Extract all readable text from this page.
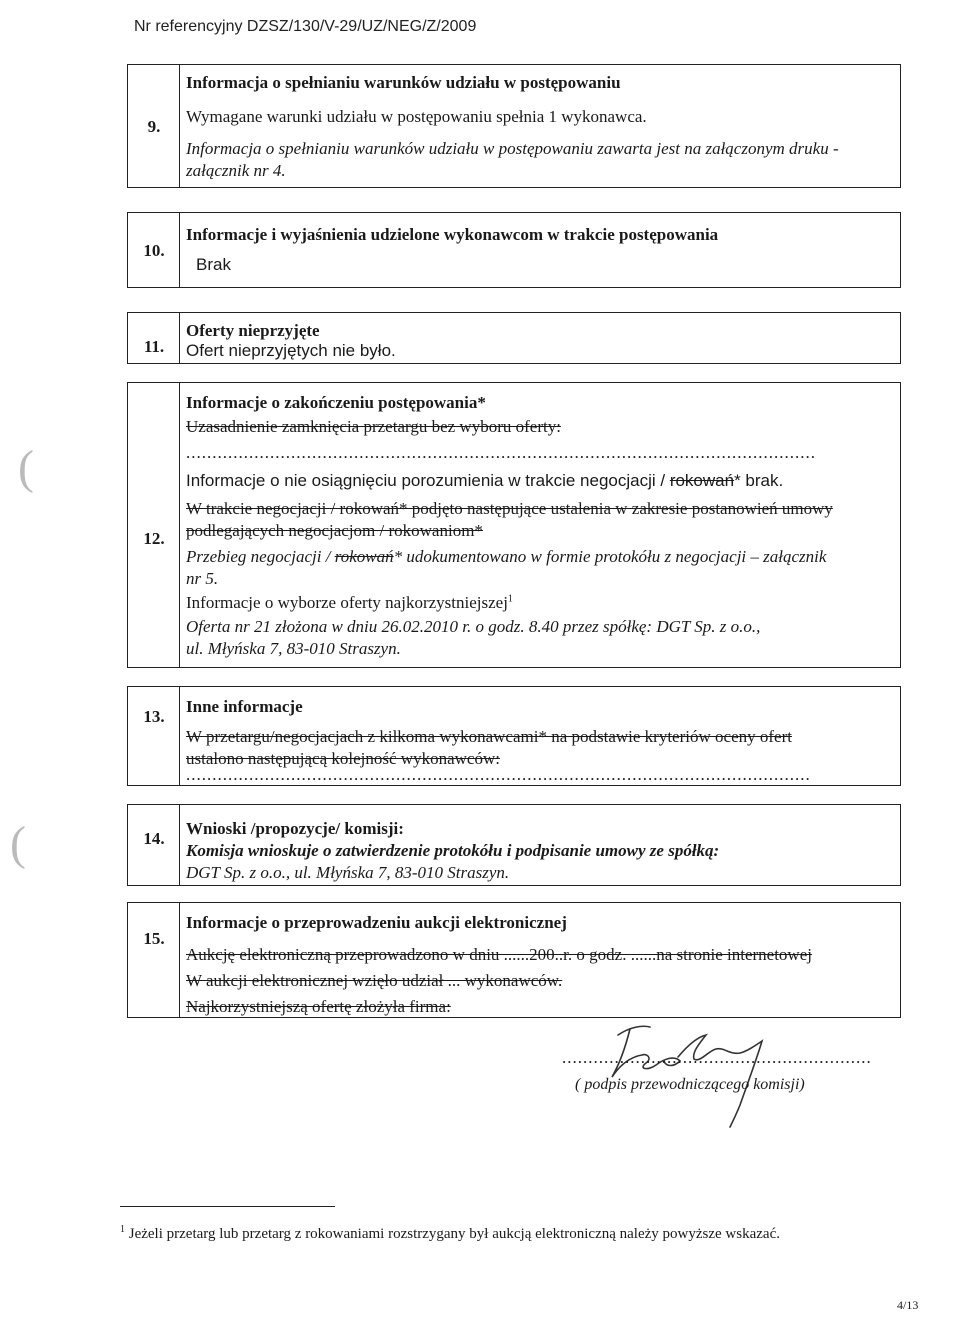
Nr referencyjny DZSZ/130/V-29/UZ/NEG/Z/2009
9.
Informacja o spełnianiu warunków udziału w postępowaniu
Wymagane warunki udziału w postępowaniu spełnia 1 wykonawca.
Informacja o spełnianiu warunków udziału w postępowaniu zawarta jest na załączonym druku -
załącznik nr 4.
10.
Informacje i wyjaśnienia udzielone wykonawcom w trakcie postępowania
Brak
11.
Oferty nieprzyjęte
Ofert nieprzyjętych nie było.
12.
Informacje o zakończeniu postępowania*
Uzasadnienie zamknięcia przetargu bez wyboru oferty:
........................................................................................................................
Informacje o nie osiągnięciu porozumienia w trakcie negocjacji / rokowań* brak.
W trakcie negocjacji / rokowań* podjęto następujące ustalenia w zakresie postanowień umowy
podlegających negocjacjom / rokowaniom*
Przebieg negocjacji / rokowań* udokumentowano w formie protokółu z negocjacji – załącznik
nr 5.
Informacje o wyborze oferty najkorzystniejszej$^1$
Oferta nr 21 złożona w dniu 26.02.2010 r. o godz. 8.40 przez spółkę: DGT Sp. z o.o.,
ul. Młyńska 7, 83-010 Straszyn.
13.
Inne informacje
W przetargu/negocjacjach z kilkoma wykonawcami* na podstawie kryteriów oceny ofert
ustalono następującą kolejność wykonawców:
.......................................................................................................................
14.
Wnioski /propozycje/ komisji:
Komisja wnioskuje o zatwierdzenie protokółu i podpisanie umowy ze spółką:
DGT Sp. z o.o., ul. Młyńska 7, 83-010 Straszyn.
15.
Informacje o przeprowadzeniu aukcji elektronicznej
Aukcję elektroniczną przeprowadzono w dniu ......200..r. o godz. ......na stronie internetowej
W aukcji elektronicznej wzięło udział ... wykonawców.
Najkorzystniejszą ofertę złożyła firma:
...........................................................
( podpis przewodniczącego komisji)
$^1$ Jeżeli przetarg lub przetarg z rokowaniami rozstrzygany był aukcją elektroniczną należy powyższe wskazać.
4/13
(
(
